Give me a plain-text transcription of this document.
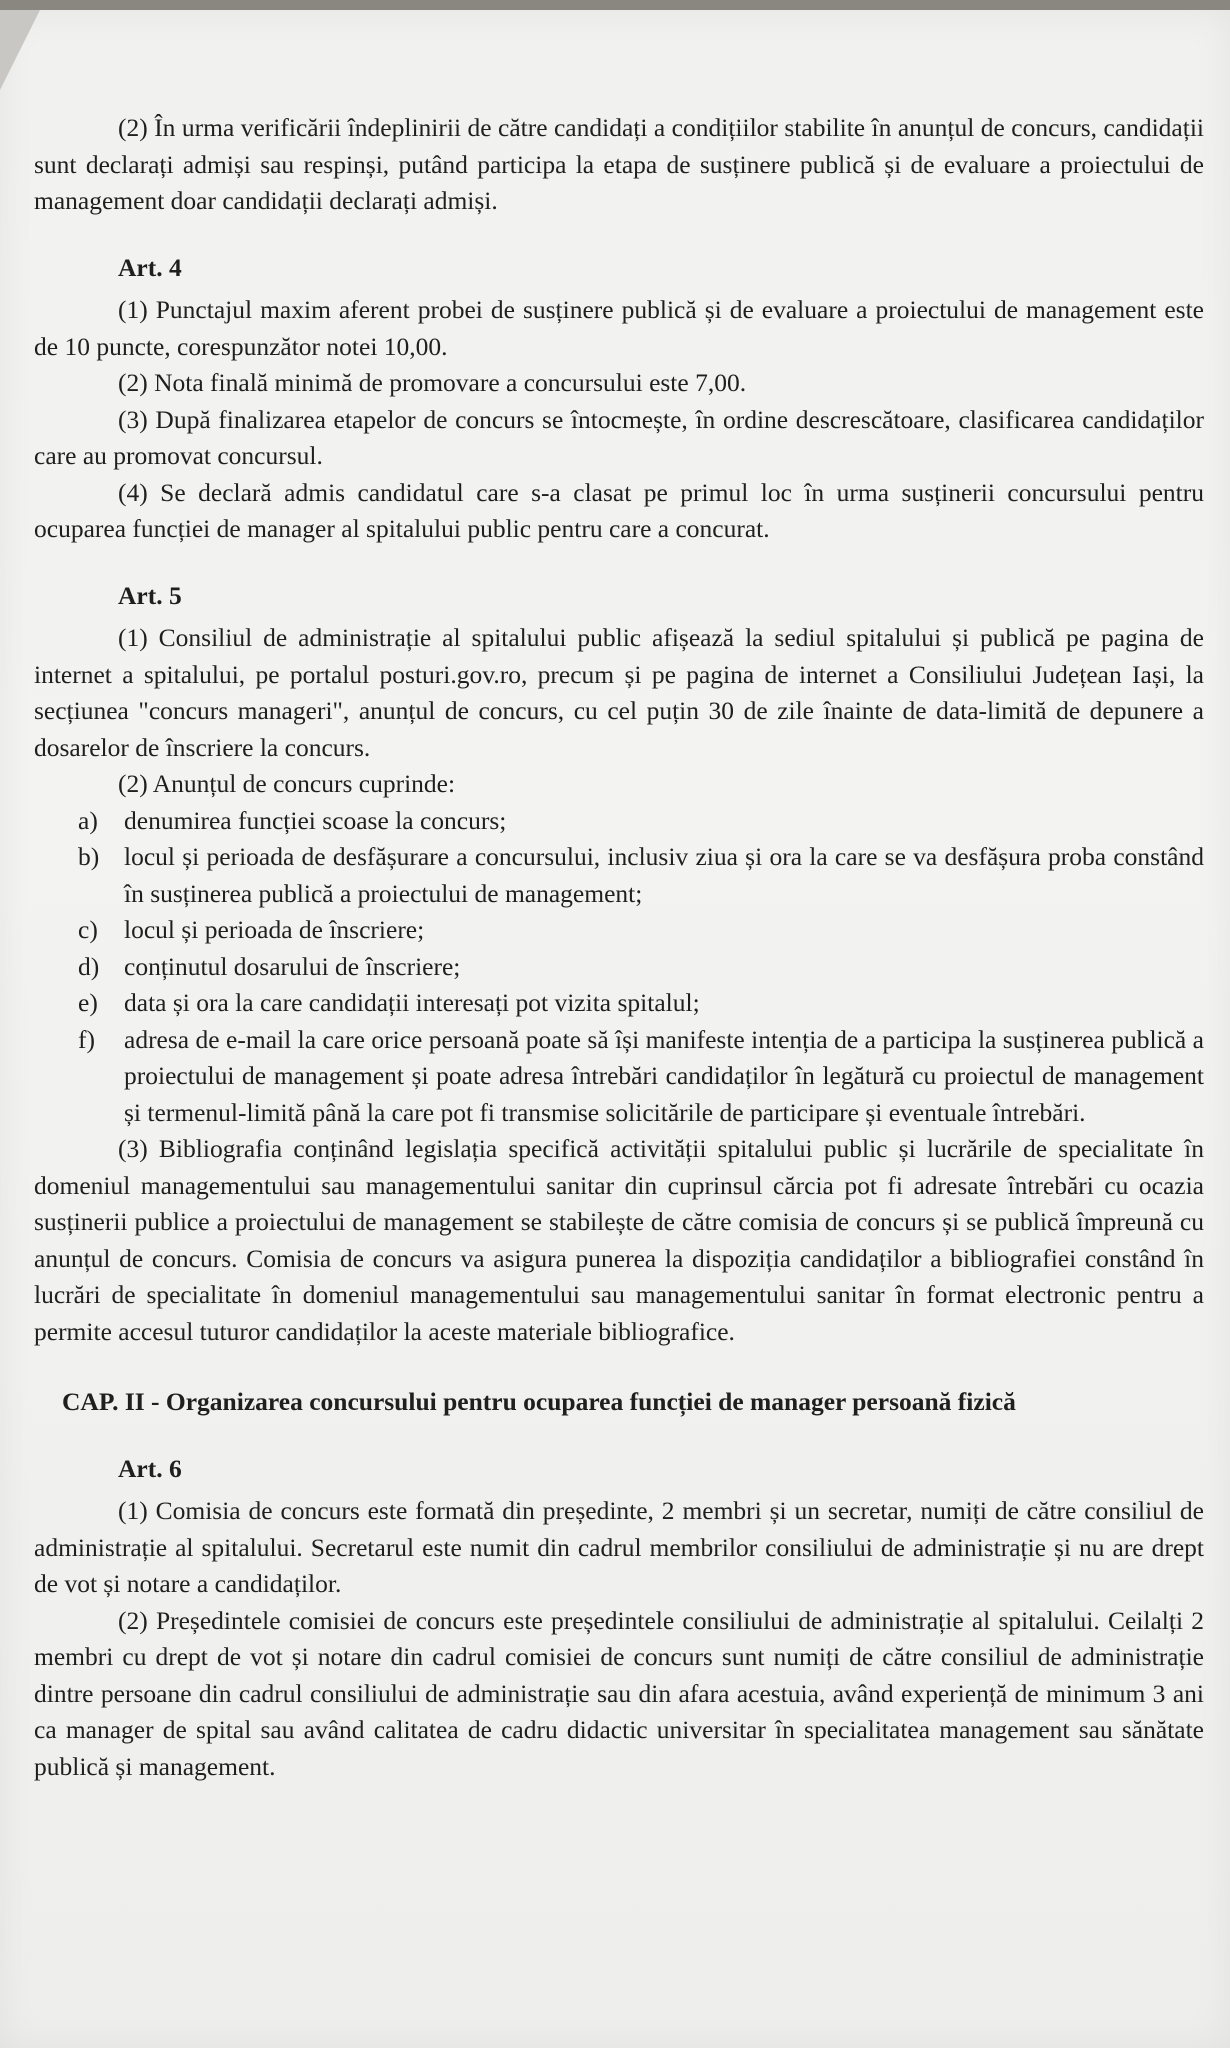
(2) În urma verificării îndeplinirii de către candidați a condițiilor stabilite în anunțul de concurs, candidații sunt declarați admiși sau respinși, putând participa la etapa de susținere publică și de evaluare a proiectului de management doar candidații declarați admiși.

Art. 4

(1) Punctajul maxim aferent probei de susținere publică și de evaluare a proiectului de management este de 10 puncte, corespunzător notei 10,00.

(2) Nota finală minimă de promovare a concursului este 7,00.

(3) După finalizarea etapelor de concurs se întocmește, în ordine descrescătoare, clasificarea candidaților care au promovat concursul.

(4) Se declară admis candidatul care s-a clasat pe primul loc în urma susținerii concursului pentru ocuparea funcției de manager al spitalului public pentru care a concurat.

Art. 5

(1) Consiliul de administrație al spitalului public afișează la sediul spitalului și publică pe pagina de internet a spitalului, pe portalul posturi.gov.ro, precum și pe pagina de internet a Consiliului Județean Iași, la secțiunea "concurs manageri", anunțul de concurs, cu cel puțin 30 de zile înainte de data-limită de depunere a dosarelor de înscriere la concurs.

(2) Anunțul de concurs cuprinde:

a)	denumirea funcției scoase la concurs;
b) locul și perioada de desfășurare a concursului, inclusiv ziua și ora la care se va desfășura proba constând în susținerea publică a proiectului de management;
c)	locul și perioada de înscriere;
d) conținutul dosarului de înscriere;
e)	data și ora la care candidații interesați pot vizita spitalul;
f)	adresa de e-mail la care orice persoană poate să își manifeste intenția de a participa la susținerea publică a proiectului de management și poate adresa întrebări candidaților în legătură cu proiectul de management și termenul-limită până la care pot fi transmise solicitările de participare și eventuale întrebări.

(3) Bibliografia conținând legislația specifică activității spitalului public și lucrările de specialitate în domeniul managementului sau managementului sanitar din cuprinsul cărcia pot fi adresate întrebări cu ocazia susținerii publice a proiectului de management se stabilește de către comisia de concurs și se publică împreună cu anunțul de concurs. Comisia de concurs va asigura punerea la dispoziția candidaților a bibliografiei constând în lucrări de specialitate în domeniul managementului sau managementului sanitar în format electronic pentru a permite accesul tuturor candidaților la aceste materiale bibliografice.

CAP. II - Organizarea concursului pentru ocuparea funcției de manager persoană fizică
Art. 6

(1) Comisia de concurs este formată din președinte, 2 membri și un secretar, numiți de către consiliul de administrație al spitalului. Secretarul este numit din cadrul membrilor consiliului de administrație și nu are drept de vot și notare a candidaților.

(2) Președintele comisiei de concurs este președintele consiliului de administrație al spitalului. Ceilalți 2 membri cu drept de vot și notare din cadrul comisiei de concurs sunt numiți de către consiliul de administrație dintre persoane din cadrul consiliului de administrație sau din afara acestuia, având experiență de minimum 3 ani ca manager de spital sau având calitatea de cadru didactic universitar în specialitatea management sau sănătate publică și management.
